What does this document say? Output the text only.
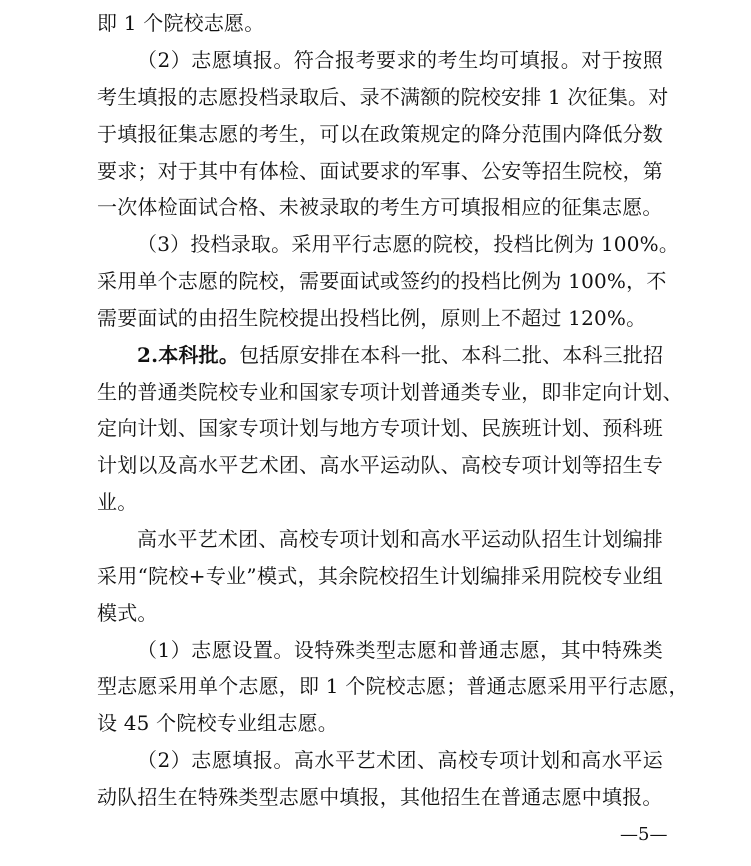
即 1 个院校志愿。
（2）志愿填报。符合报考要求的考生均可填报。对于按照
考生填报的志愿投档录取后、录不满额的院校安排 1 次征集。对
于填报征集志愿的考生，可以在政策规定的降分范围内降低分数
要求；对于其中有体检、面试要求的军事、公安等招生院校，第
一次体检面试合格、未被录取的考生方可填报相应的征集志愿。
（3）投档录取。采用平行志愿的院校，投档比例为 100%。
采用单个志愿的院校，需要面试或签约的投档比例为 100%，不
需要面试的由招生院校提出投档比例，原则上不超过 120%。
2.本科批。包括原安排在本科一批、本科二批、本科三批招
生的普通类院校专业和国家专项计划普通类专业，即非定向计划、
定向计划、国家专项计划与地方专项计划、民族班计划、预科班
计划以及高水平艺术团、高水平运动队、高校专项计划等招生专
业。
高水平艺术团、高校专项计划和高水平运动队招生计划编排
采用“院校+专业”模式，其余院校招生计划编排采用院校专业组
模式。
（1）志愿设置。设特殊类型志愿和普通志愿，其中特殊类
型志愿采用单个志愿，即 1 个院校志愿；普通志愿采用平行志愿，
设 45 个院校专业组志愿。
（2）志愿填报。高水平艺术团、高校专项计划和高水平运
动队招生在特殊类型志愿中填报，其他招生在普通志愿中填报。
—5—
